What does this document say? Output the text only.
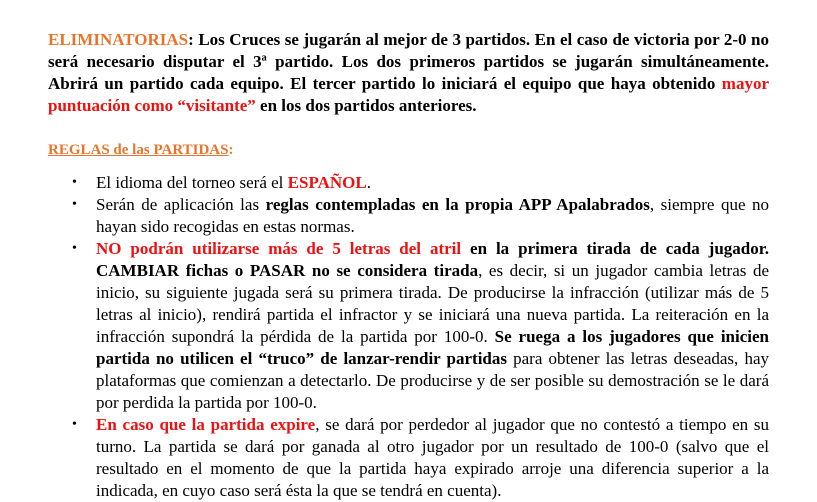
ELIMINATORIAS: Los Cruces se jugarán al mejor de 3 partidos. En el caso de victoria por 2-0 no será necesario disputar el 3ª partido. Los dos primeros partidos se jugarán simultáneamente. Abrirá un partido cada equipo. El tercer partido lo iniciará el equipo que haya obtenido mayor puntuación como “visitante” en los dos partidos anteriores.

REGLAS de las PARTIDAS:

• El idioma del torneo será el ESPAÑOL.
• Serán de aplicación las reglas contempladas en la propia APP Apalabrados, siempre que no hayan sido recogidas en estas normas.
• NO podrán utilizarse más de 5 letras del atril en la primera tirada de cada jugador. CAMBIAR fichas o PASAR no se considera tirada, es decir, si un jugador cambia letras de inicio, su siguiente jugada será su primera tirada. De producirse la infracción (utilizar más de 5 letras al inicio), rendirá partida el infractor y se iniciará una nueva partida. La reiteración en la infracción supondrá la pérdida de la partida por 100-0. Se ruega a los jugadores que inicien partida no utilicen el “truco” de lanzar-rendir partidas para obtener las letras deseadas, hay plataformas que comienzan a detectarlo. De producirse y de ser posible su demostración se le dará por perdida la partida por 100-0.
• En caso que la partida expire, se dará por perdedor al jugador que no contestó a tiempo en su turno. La partida se dará por ganada al otro jugador por un resultado de 100-0 (salvo que el resultado en el momento de que la partida haya expirado arroje una diferencia superior a la indicada, en cuyo caso será ésta la que se tendrá en cuenta).
